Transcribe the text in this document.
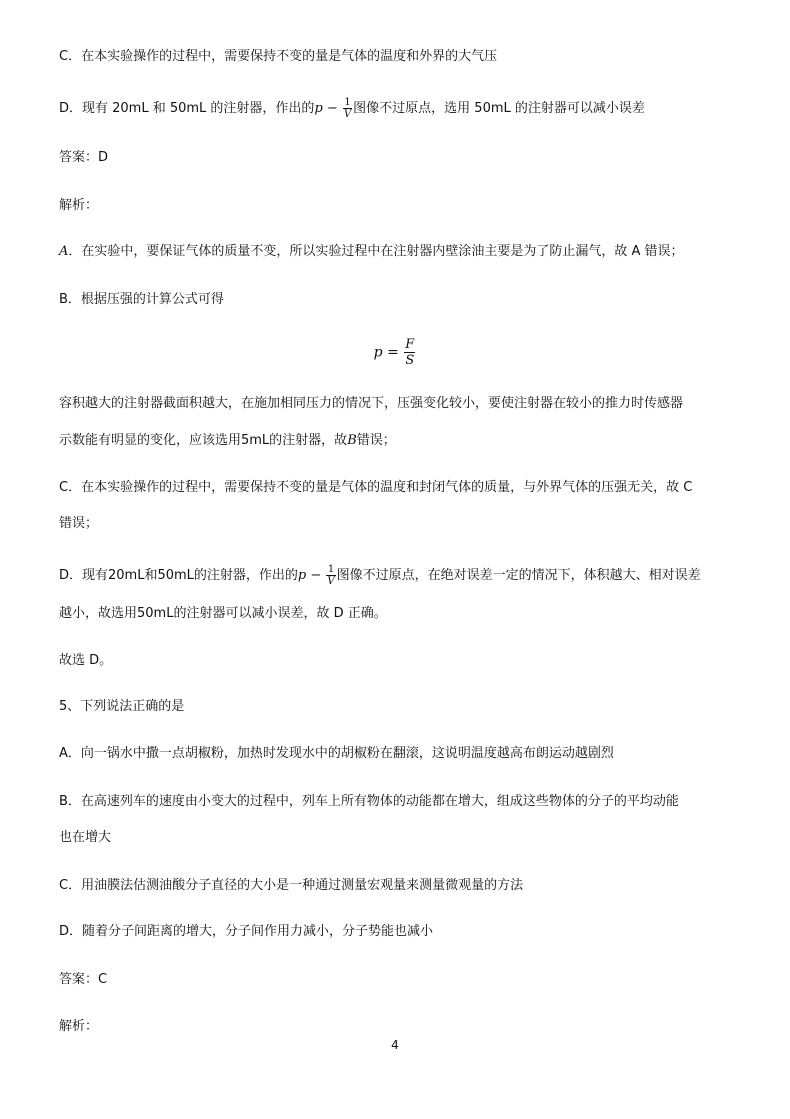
C．在本实验操作的过程中，需要保持不变的量是气体的温度和外界的大气压
D．现有 20mL 和 50mL 的注射器，作出的$p - \frac{1}{V}$ 图像不过原点，选用 50mL 的注射器可以减小误差
答案：D
解析：
A．在实验中，要保证气体的质量不变，所以实验过程中在注射器内壁涂油主要是为了防止漏气，故 A 错误；
B．根据压强的计算公式可得
$p = \frac{F}{S}$
容积越大的注射器截面积越大，在施加相同压力的情况下，压强变化较小，要使注射器在较小的推力时传感器
示数能有明显的变化，应该选用5mL的注射器，故B错误；
C．在本实验操作的过程中，需要保持不变的量是气体的温度和封闭气体的质量，与外界气体的压强无关，故 C
错误；
D．现有20mL和50mL的注射器，作出的$p - \frac{1}{V}$ 图像不过原点，在绝对误差一定的情况下，体积越大、相对误差
越小，故选用50mL的注射器可以减小误差，故 D 正确。
故选 D。
5、下列说法正确的是
A．向一锅水中撒一点胡椒粉，加热时发现水中的胡椒粉在翻滚，这说明温度越高布朗运动越剧烈
B．在高速列车的速度由小变大的过程中，列车上所有物体的动能都在增大，组成这些物体的分子的平均动能
也在增大
C．用油膜法估测油酸分子直径的大小是一种通过测量宏观量来测量微观量的方法
D．随着分子间距离的增大，分子间作用力减小，分子势能也减小
答案：C
解析：
4
